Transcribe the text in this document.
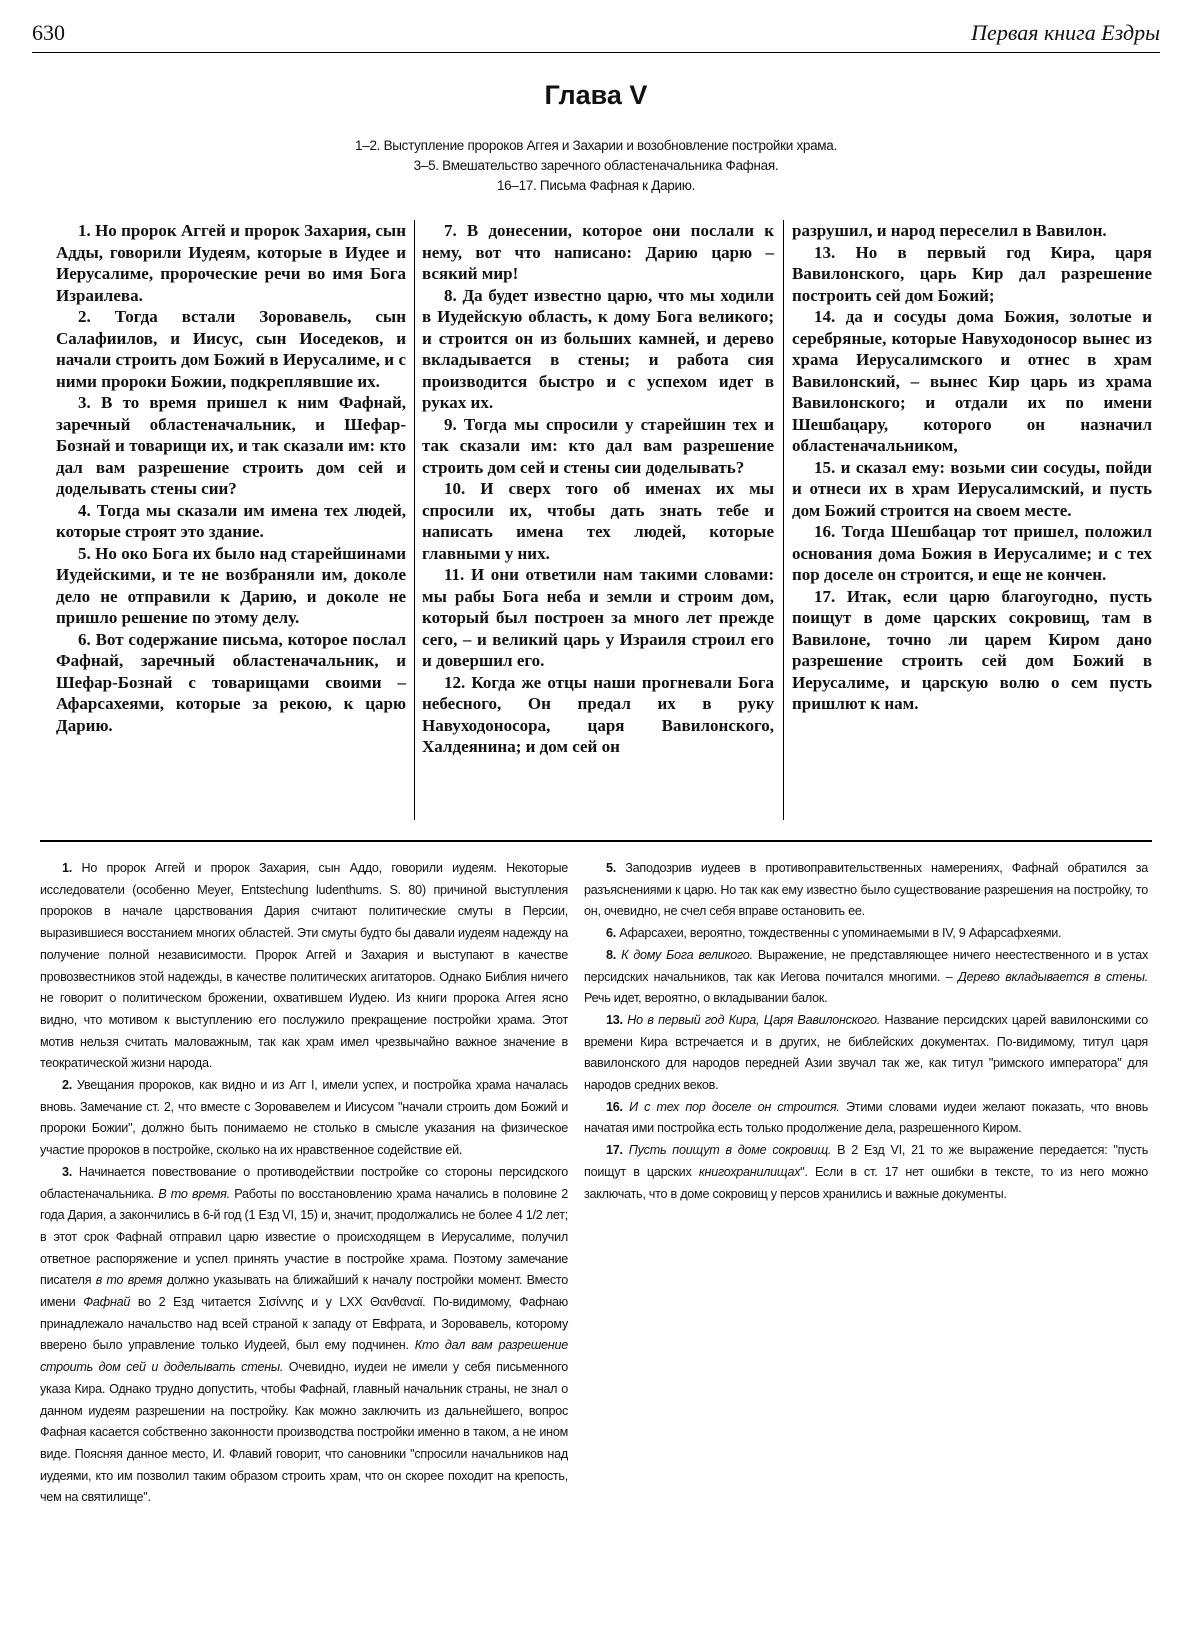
630	Первая книга Ездры
Глава V
1–2. Выступление пророков Аггея и Захарии и возобновление постройки храма.
3–5. Вмешательство заречного областеначальника Фафная.
16–17. Письма Фафная к Дарию.

1. Но пророк Аггей и пророк Захария, сын Адды, говорили Иудеям, которые в Иудее и Иерусалиме, пророческие речи во имя Бога Израилева.

2. Тогда встали Зоровавель, сын Салафиилов, и Иисус, сын Иоседеков, и начали строить дом Божий в Иерусалиме, и с ними пророки Божии, подкреплявшие их.

3. В то время пришел к ним Фафнай, заречный областеначальник, и Шефар-Бознай и товарищи их, и так сказали им: кто дал вам разрешение строить дом сей и доделывать стены сии?

4. Тогда мы сказали им имена тех людей, которые строят это здание.

5. Но око Бога их было над старейшинами Иудейскими, и те не возбраняли им, доколе дело не отправили к Дарию, и доколе не пришло решение по этому делу.

6. Вот содержание письма, которое послал Фафнай, заречный областеначальник, и Шефар-Бознай с товарищами своими – Афарсахеями, которые за рекою, к царю Дарию.

7. В донесении, которое они послали к нему, вот что написано: Дарию царю – всякий мир!

8. Да будет известно царю, что мы ходили в Иудейскую область, к дому Бога великого; и строится он из больших камней, и дерево вкладывается в стены; и работа сия производится быстро и с успехом идет в руках их.

9. Тогда мы спросили у старейшин тех и так сказали им: кто дал вам разрешение строить дом сей и стены сии доделывать?

10. И сверх того об именах их мы спросили их, чтобы дать знать тебе и написать имена тех людей, которые главными у них.

11. И они ответили нам такими словами: мы рабы Бога неба и земли и строим дом, который был построен за много лет прежде сего, – и великий царь у Израиля строил его и довершил его.

12. Когда же отцы наши прогневали Бога небесного, Он предал их в руку Навуходоносора, царя Вавилонского, Халдеянина; и дом сей он

разрушил, и народ переселил в Вавилон.

13. Но в первый год Кира, царя Вавилонского, царь Кир дал разрешение построить сей дом Божий;

14. да и сосуды дома Божия, золотые и серебряные, которые Навуходоносор вынес из храма Иерусалимского и отнес в храм Вавилонский, – вынес Кир царь из храма Вавилонского; и отдали их по имени Шешбацару, которого он назначил областеначальником,

15. и сказал ему: возьми сии сосуды, пойди и отнеси их в храм Иерусалимский, и пусть дом Божий строится на своем месте.

16. Тогда Шешбацар тот пришел, положил основания дома Божия в Иерусалиме; и с тех пор доселе он строится, и еще не кончен.

17. Итак, если царю благоугодно, пусть поищут в доме царских сокровищ, там в Вавилоне, точно ли царем Киром дано разрешение строить сей дом Божий в Иерусалиме, и царскую волю о сем пусть пришлют к нам.

1. Но пророк Аггей и пророк Захария, сын Аддо, говорили иудеям. Некоторые исследователи (особенно Meyer, Entstechung ludenthums. S. 80) причиной выступления пророков в начале царствования Дария считают политические смуты в Персии, выразившиеся восстанием многих областей. Эти смуты будто бы давали иудеям надежду на получение полной независимости. Пророк Аггей и Захария и выступают в качестве провозвестников этой надежды, в качестве политических агитаторов. Однако Библия ничего не говорит о политическом брожении, охватившем Иудею. Из книги пророка Аггея ясно видно, что мотивом к выступлению его послужило прекращение постройки храма. Этот мотив нельзя считать маловажным, так как храм имел чрезвычайно важное значение в теократической жизни народа.

2. Увещания пророков, как видно и из Агг I, имели успех, и постройка храма началась вновь. Замечание ст. 2, что вместе с Зоровавелем и Иисусом "начали строить дом Божий и пророки Божии", должно быть понимаемо не столько в смысле указания на физическое участие пророков в постройке, сколько на их нравственное содействие ей.

3. Начинается повествование о противодействии постройке со стороны персидского областеначальника. В то время. Работы по восстановлению храма начались в половине 2 года Дария, а закончились в 6-й год (1 Езд VI, 15) и, значит, продолжались не более 4 1/2 лет; в этот срок Фафнай отправил царю известие о происходящем в Иерусалиме, получил ответное распоряжение и успел принять участие в постройке храма. Поэтому замечание писателя в то время должно указывать на ближайший к началу постройки момент. Вместо имени Фафнай во 2 Езд читается Σισίννης и у LXX Θανθαναϊ. По-видимому, Фафнаю принадлежало начальство над всей страной к западу от Евфрата, и Зоровавель, которому вверено было управление только Иудеей, был ему подчинен. Кто дал вам разрешение строить дом сей и доделывать стены. Очевидно, иудеи не имели у себя письменного указа Кира. Однако трудно допустить, чтобы Фафнай, главный начальник страны, не знал о данном иудеям разрешении на постройку. Как можно заключить из дальнейшего, вопрос Фафная касается собственно законности производства постройки именно в таком, а не ином виде. Поясняя данное место, И. Флавий говорит, что сановники "спросили начальников над иудеями, кто им позволил таким образом строить храм, что он скорее походит на крепость, чем на святилище".

5. Заподозрив иудеев в противоправительственных намерениях, Фафнай обратился за разъяснениями к царю. Но так как ему известно было существование разрешения на постройку, то он, очевидно, не счел себя вправе остановить ее.

6. Афарсахеи, вероятно, тождественны с упоминаемыми в IV, 9 Афарсафхеями.

8. К дому Бога великого. Выражение, не представляющее ничего неестественного и в устах персидских начальников, так как Иегова почитался многими. – Дерево вкладывается в стены. Речь идет, вероятно, о вкладывании балок.

13. Но в первый год Кира, Царя Вавилонского. Название персидских царей вавилонскими со времени Кира встречается и в других, не библейских документах. По-видимому, титул царя вавилонского для народов передней Азии звучал так же, как титул "римского императора" для народов средних веков.

16. И с тех пор доселе он строится. Этими словами иудеи желают показать, что вновь начатая ими постройка есть только продолжение дела, разрешенного Киром.

17. Пусть поищут в доме сокровищ. В 2 Езд VI, 21 то же выражение передается: "пусть поищут в царских книгохранилищах". Если в ст. 17 нет ошибки в тексте, то из него можно заключать, что в доме сокровищ у персов хранились и важные документы.
